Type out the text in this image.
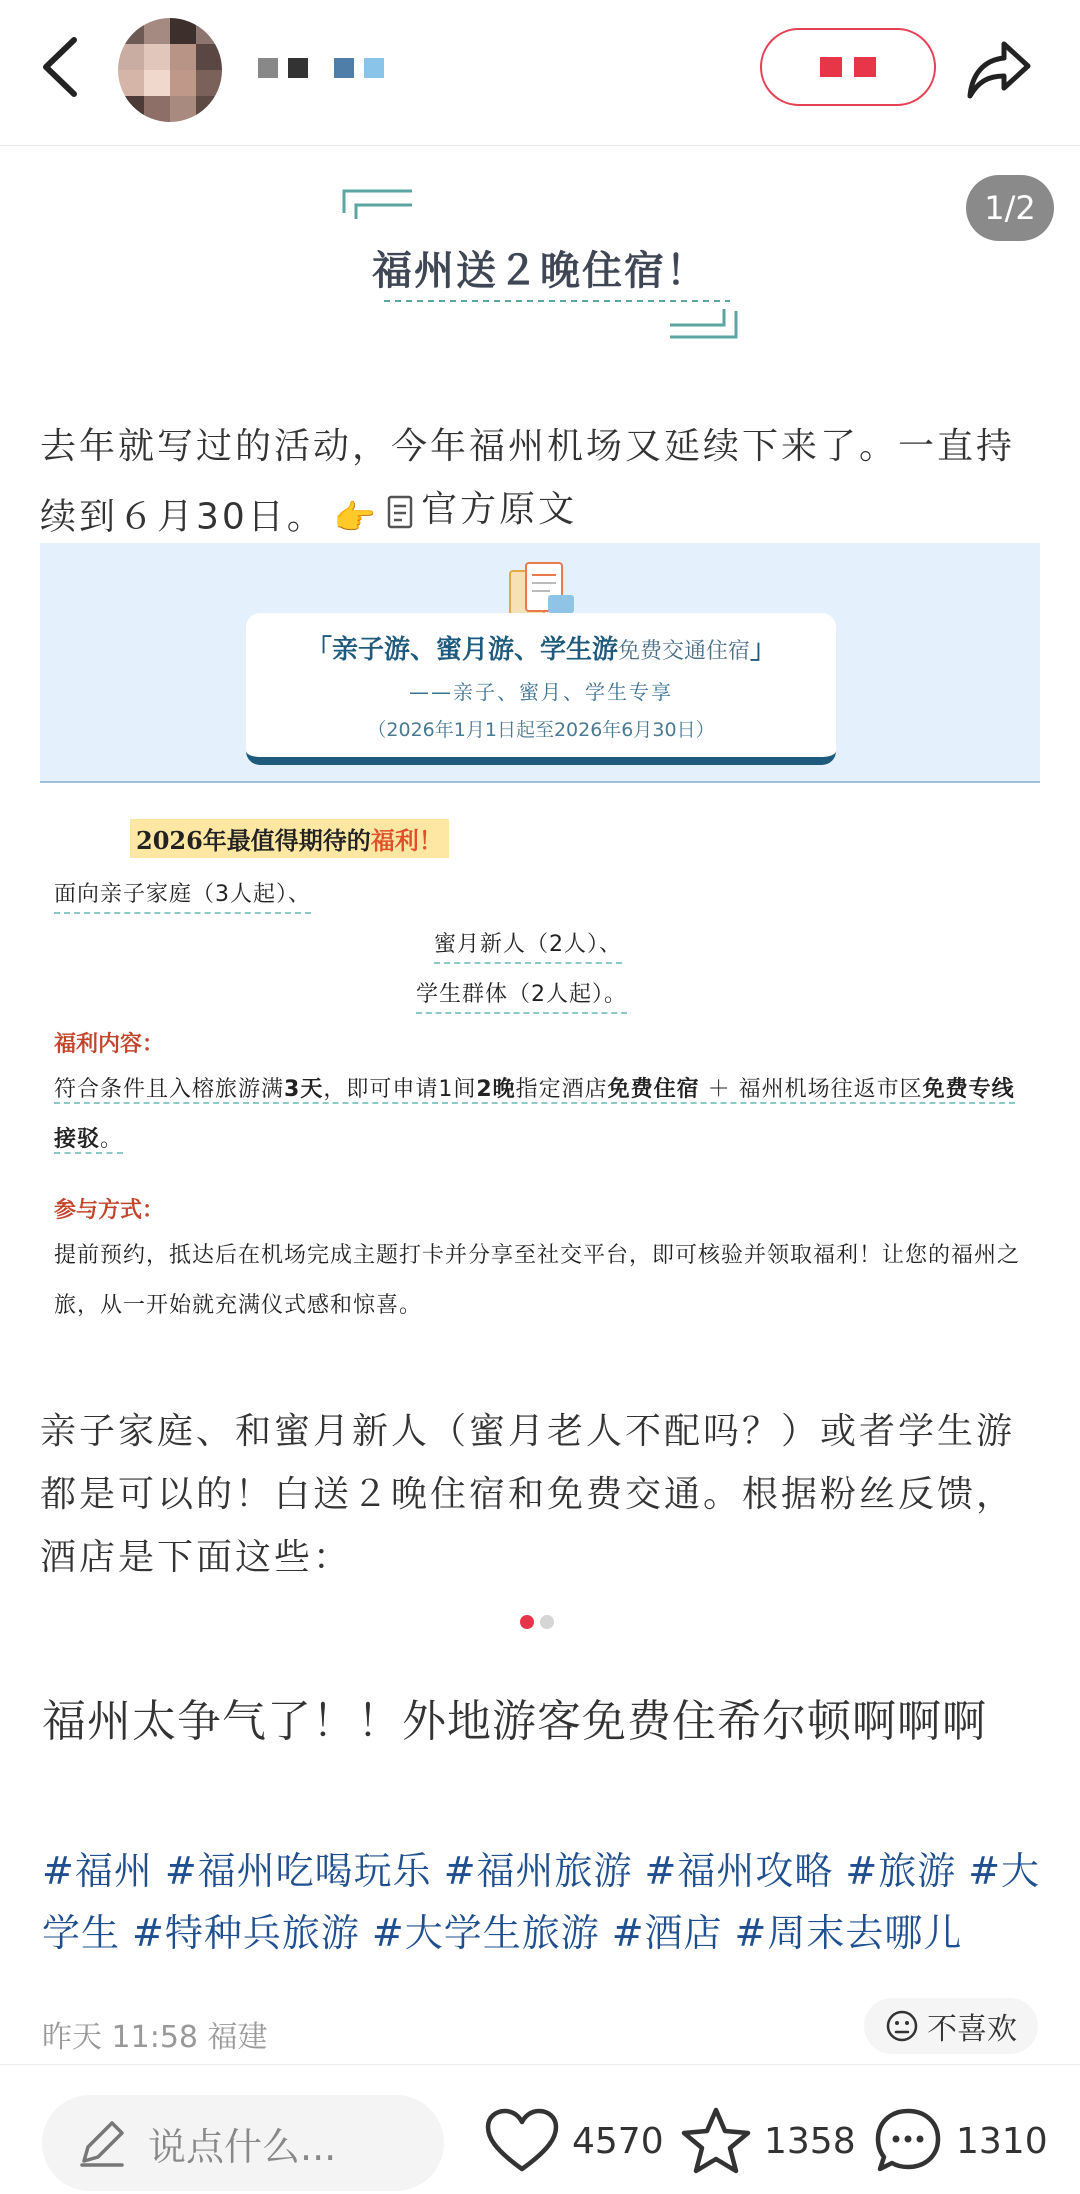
1/2
福州送２晚住宿！
去年就写过的活动，今年福州机场又延续下来了。一直持续到６月30日。 👉 官方原文
「亲子游、蜜月游、学生游免费交通住宿」
——亲子、蜜月、学生专享
（2026年1月1日起至2026年6月30日）
2026年最值得期待的福利！
面向亲子家庭（3人起）、
蜜月新人（2人）、
学生群体（2人起）。
福利内容：
符合条件且入榕旅游满3天，即可申请1间2晚指定酒店免费住宿 ＋ 福州机场往返市区免费专线接驳。
参与方式：
提前预约，抵达后在机场完成主题打卡并分享至社交平台，即可核验并领取福利！让您的福州之旅，从一开始就充满仪式感和惊喜。
亲子家庭、和蜜月新人（蜜月老人不配吗？）或者学生游都是可以的！白送２晚住宿和免费交通。根据粉丝反馈，酒店是下面这些：
福州太争气了！！外地游客免费住希尔顿啊啊啊
#福州 #福州吃喝玩乐 #福州旅游 #福州攻略 #旅游 #大学生 #特种兵旅游 #大学生旅游 #酒店 #周末去哪儿
昨天 11:58 福建	不喜欢
说点什么...	4570	1358	1310
